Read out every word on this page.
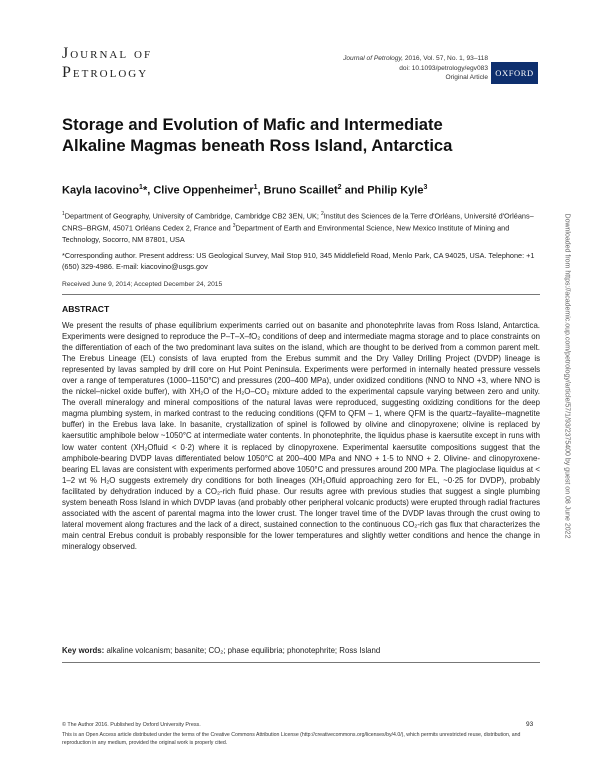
Journal of
Petrology
Journal of Petrology, 2016, Vol. 57, No. 1, 93–118
doi: 10.1093/petrology/egv083
Original Article OXFORD
Storage and Evolution of Mafic and Intermediate Alkaline Magmas beneath Ross Island, Antarctica
Kayla Iacovino$^1$*, Clive Oppenheimer$^1$, Bruno Scaillet$^2$ and Philip Kyle$^3$
$^1$Department of Geography, University of Cambridge, Cambridge CB2 3EN, UK; $^2$Institut des Sciences de la Terre d'Orléans, Université d'Orléans–CNRS–BRGM, 45071 Orléans Cedex 2, France and $^3$Department of Earth and Environmental Science, New Mexico Institute of Mining and Technology, Socorro, NM 87801, USA
*Corresponding author. Present address: US Geological Survey, Mail Stop 910, 345 Middlefield Road, Menlo Park, CA 94025, USA. Telephone: +1 (650) 329-4986. E-mail: kiacovino@usgs.gov
Received June 9, 2014; Accepted December 24, 2015
ABSTRACT

We present the results of phase equilibrium experiments carried out on basanite and phonotephrite lavas from Ross Island, Antarctica. Experiments were designed to reproduce the P–T–X–fO₂ conditions of deep and intermediate magma storage and to place constraints on the differentiation of each of the two predominant lava suites on the island, which are thought to be derived from a common parent melt. The Erebus Lineage (EL) consists of lava erupted from the Erebus summit and the Dry Valley Drilling Project (DVDP) lineage is represented by lavas sampled by drill core on Hut Point Peninsula. Experiments were performed in internally heated pressure vessels over a range of temperatures (1000–1150°C) and pressures (200–400 MPa), under oxidized conditions (NNO to NNO +3, where NNO is the nickel–nickel oxide buffer), with XH₂O of the H₂O–CO₂ mixture added to the experimental capsule varying between zero and unity. The overall mineralogy and mineral compositions of the natural lavas were reproduced, suggesting oxidizing conditions for the deep magma plumbing system, in marked contrast to the reducing conditions (QFM to QFM – 1, where QFM is the quartz–fayalite–magnetite buffer) in the Erebus lava lake. In basanite, crystallization of spinel is followed by olivine and clinopyroxene; olivine is replaced by kaersutitic amphibole below ~1050°C at intermediate water contents. In phonotephrite, the liquidus phase is kaersutite except in runs with low water content (XH₂Ofluid < 0·2) where it is replaced by clinopyroxene. Experimental kaersutite compositions suggest that the amphibole-bearing DVDP lavas differentiated below 1050°C at 200–400 MPa and NNO + 1·5 to NNO + 2. Olivine- and clinopyroxene-bearing EL lavas are consistent with experiments performed above 1050°C and pressures around 200 MPa. The plagioclase liquidus at < 1–2 wt % H₂O suggests extremely dry conditions for both lineages (XH₂Ofluid approaching zero for EL, ~0·25 for DVDP), probably facilitated by dehydration induced by a CO₂-rich fluid phase. Our results agree with previous studies that suggest a single plumbing system beneath Ross Island in which DVDP lavas (and probably other peripheral volcanic products) were erupted through radial fractures associated with the ascent of parental magma into the lower crust. The longer travel time of the DVDP lavas through the crust owing to lateral movement along fractures and the lack of a direct, sustained connection to the continuous CO₂-rich gas flux that characterizes the main central Erebus conduit is probably responsible for the lower temperatures and slightly wetter conditions and hence the change in mineralogy observed.

Key words: alkaline volcanism; basanite; CO₂; phase equilibria; phonotephrite; Ross Island
© The Author 2016. Published by Oxford University Press.	93
This is an Open Access article distributed under the terms of the Creative Commons Attribution License (http://creativecommons.org/licenses/by/4.0/), which permits unrestricted reuse, distribution, and reproduction in any medium, provided the original work is properly cited.
Downloaded from https://academic.oup.com/petrology/article/57/1/93/2375400 by guest on 08 June 2022
